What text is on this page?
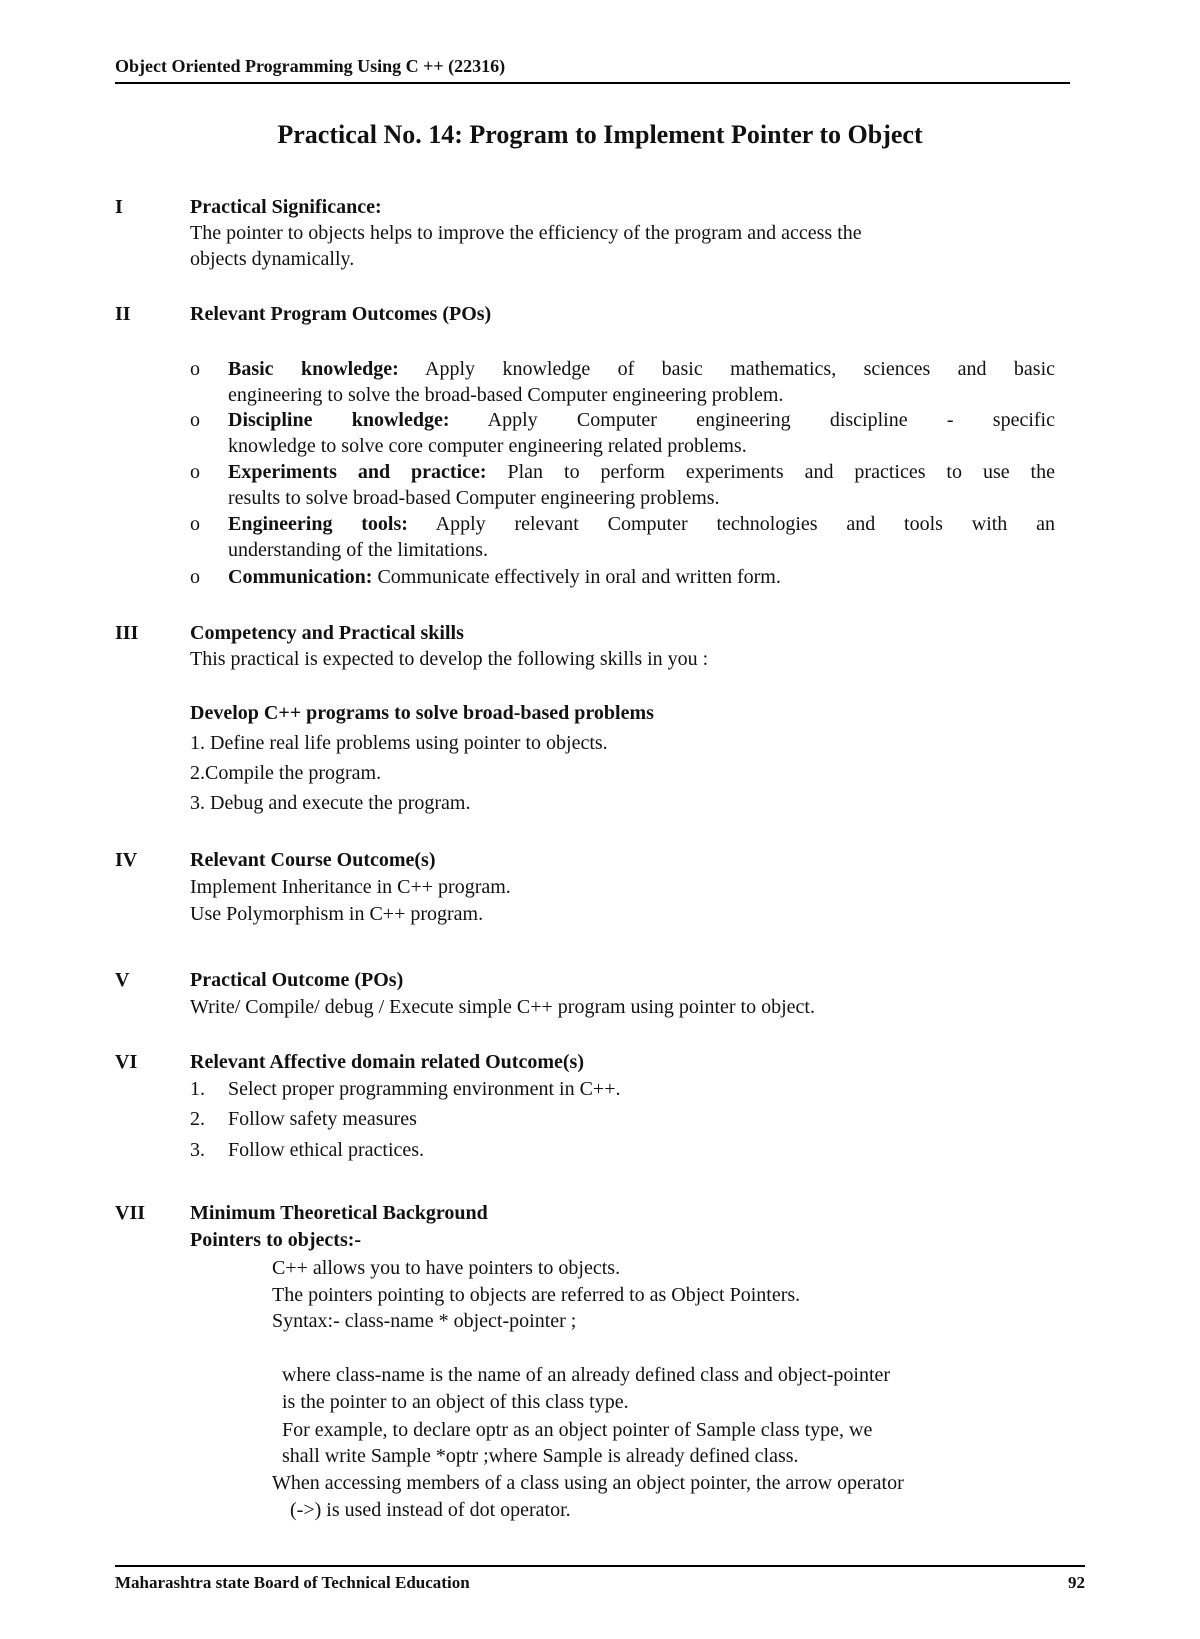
Object Oriented Programming Using C ++ (22316)
Practical No. 14: Program to Implement Pointer to Object
I	Practical Significance:
The pointer to objects helps to improve the efficiency of the program and access the
objects dynamically.
II	Relevant Program Outcomes (POs)
o Basic knowledge: Apply knowledge of basic mathematics, sciences and basic
engineering to solve the broad-based Computer engineering problem.
o Discipline knowledge: Apply Computer engineering discipline - specific
knowledge to solve core computer engineering related problems.
o Experiments and practice: Plan to perform experiments and practices to use the
results to solve broad-based Computer engineering problems.
o Engineering tools: Apply relevant Computer technologies and tools with an
understanding of the limitations.
o Communication: Communicate effectively in oral and written form.
III	Competency and Practical skills
This practical is expected to develop the following skills in you :
Develop C++ programs to solve broad-based problems
1. Define real life problems using pointer to objects.
2.Compile the program.
3. Debug and execute the program.
IV	Relevant Course Outcome(s)
Implement Inheritance in C++ program.
Use Polymorphism in C++ program.
V	Practical Outcome (POs)
Write/ Compile/ debug / Execute simple C++ program using pointer to object.
VI	Relevant Affective domain related Outcome(s)
1. Select proper programming environment in C++.
2. Follow safety measures
3. Follow ethical practices.
VII Minimum Theoretical Background
Pointers to objects:-
C++ allows you to have pointers to objects.
The pointers pointing to objects are referred to as Object Pointers.
Syntax:- class-name * object-pointer ;
where class-name is the name of an already defined class and object-pointer
is the pointer to an object of this class type.
For example, to declare optr as an object pointer of Sample class type, we
shall write Sample *optr ;where Sample is already defined class.
When accessing members of a class using an object pointer, the arrow operator
(->) is used instead of dot operator.
Maharashtra state Board of Technical Education	92
